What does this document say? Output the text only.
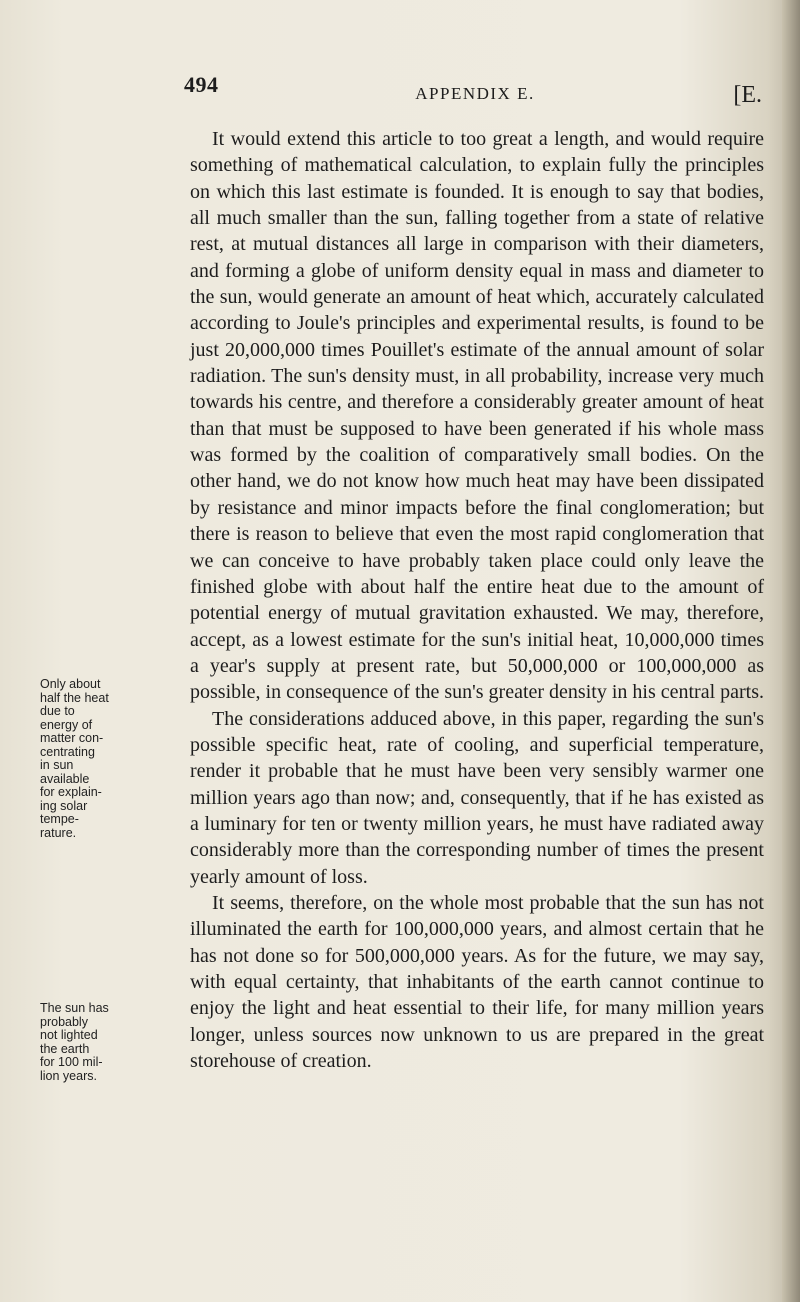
494	APPENDIX E.	[E.

It would extend this article to too great a length, and would require something of mathematical calculation, to explain fully the principles on which this last estimate is founded. It is enough to say that bodies, all much smaller than the sun, falling together from a state of relative rest, at mutual distances all large in comparison with their diameters, and forming a globe of uniform density equal in mass and diameter to the sun, would generate an amount of heat which, accurately calculated according to Joule's principles and experimental results, is found to be just 20,000,000 times Pouillet's estimate of the annual amount of solar radiation. The sun's density must, in all probability, increase very much towards his centre, and therefore a considerably greater amount of heat than that must be supposed to have been generated if his whole mass was formed by the coalition of comparatively small bodies. On the other hand, we do not know how much heat may have been dissipated by resistance and minor impacts before the final conglomeration; but there is reason to believe that even the most rapid conglomeration that we can conceive to have probably taken place could only leave the finished globe with about half the entire heat due to the amount of potential energy of mutual gravitation exhausted. We may, therefore, accept, as a lowest estimate for the sun's initial heat, 10,000,000 times a year's supply at present rate, but 50,000,000 or 100,000,000 as possible, in consequence of the sun's greater density in his central parts.

The considerations adduced above, in this paper, regarding the sun's possible specific heat, rate of cooling, and superficial temperature, render it probable that he must have been very sensibly warmer one million years ago than now; and, consequently, that if he has existed as a luminary for ten or twenty million years, he must have radiated away considerably more than the corresponding number of times the present yearly amount of loss.

It seems, therefore, on the whole most probable that the sun has not illuminated the earth for 100,000,000 years, and almost certain that he has not done so for 500,000,000 years. As for the future, we may say, with equal certainty, that inhabitants of the earth cannot continue to enjoy the light and heat essential to their life, for many million years longer, unless sources now unknown to us are prepared in the great storehouse of creation.

Only about
half the heat
due to
energy of
matter con-
centrating
in sun
available
for explain-
ing solar
tempe-
rature.
The sun has
probably
not lighted
the earth
for 100 mil-
lion years.
